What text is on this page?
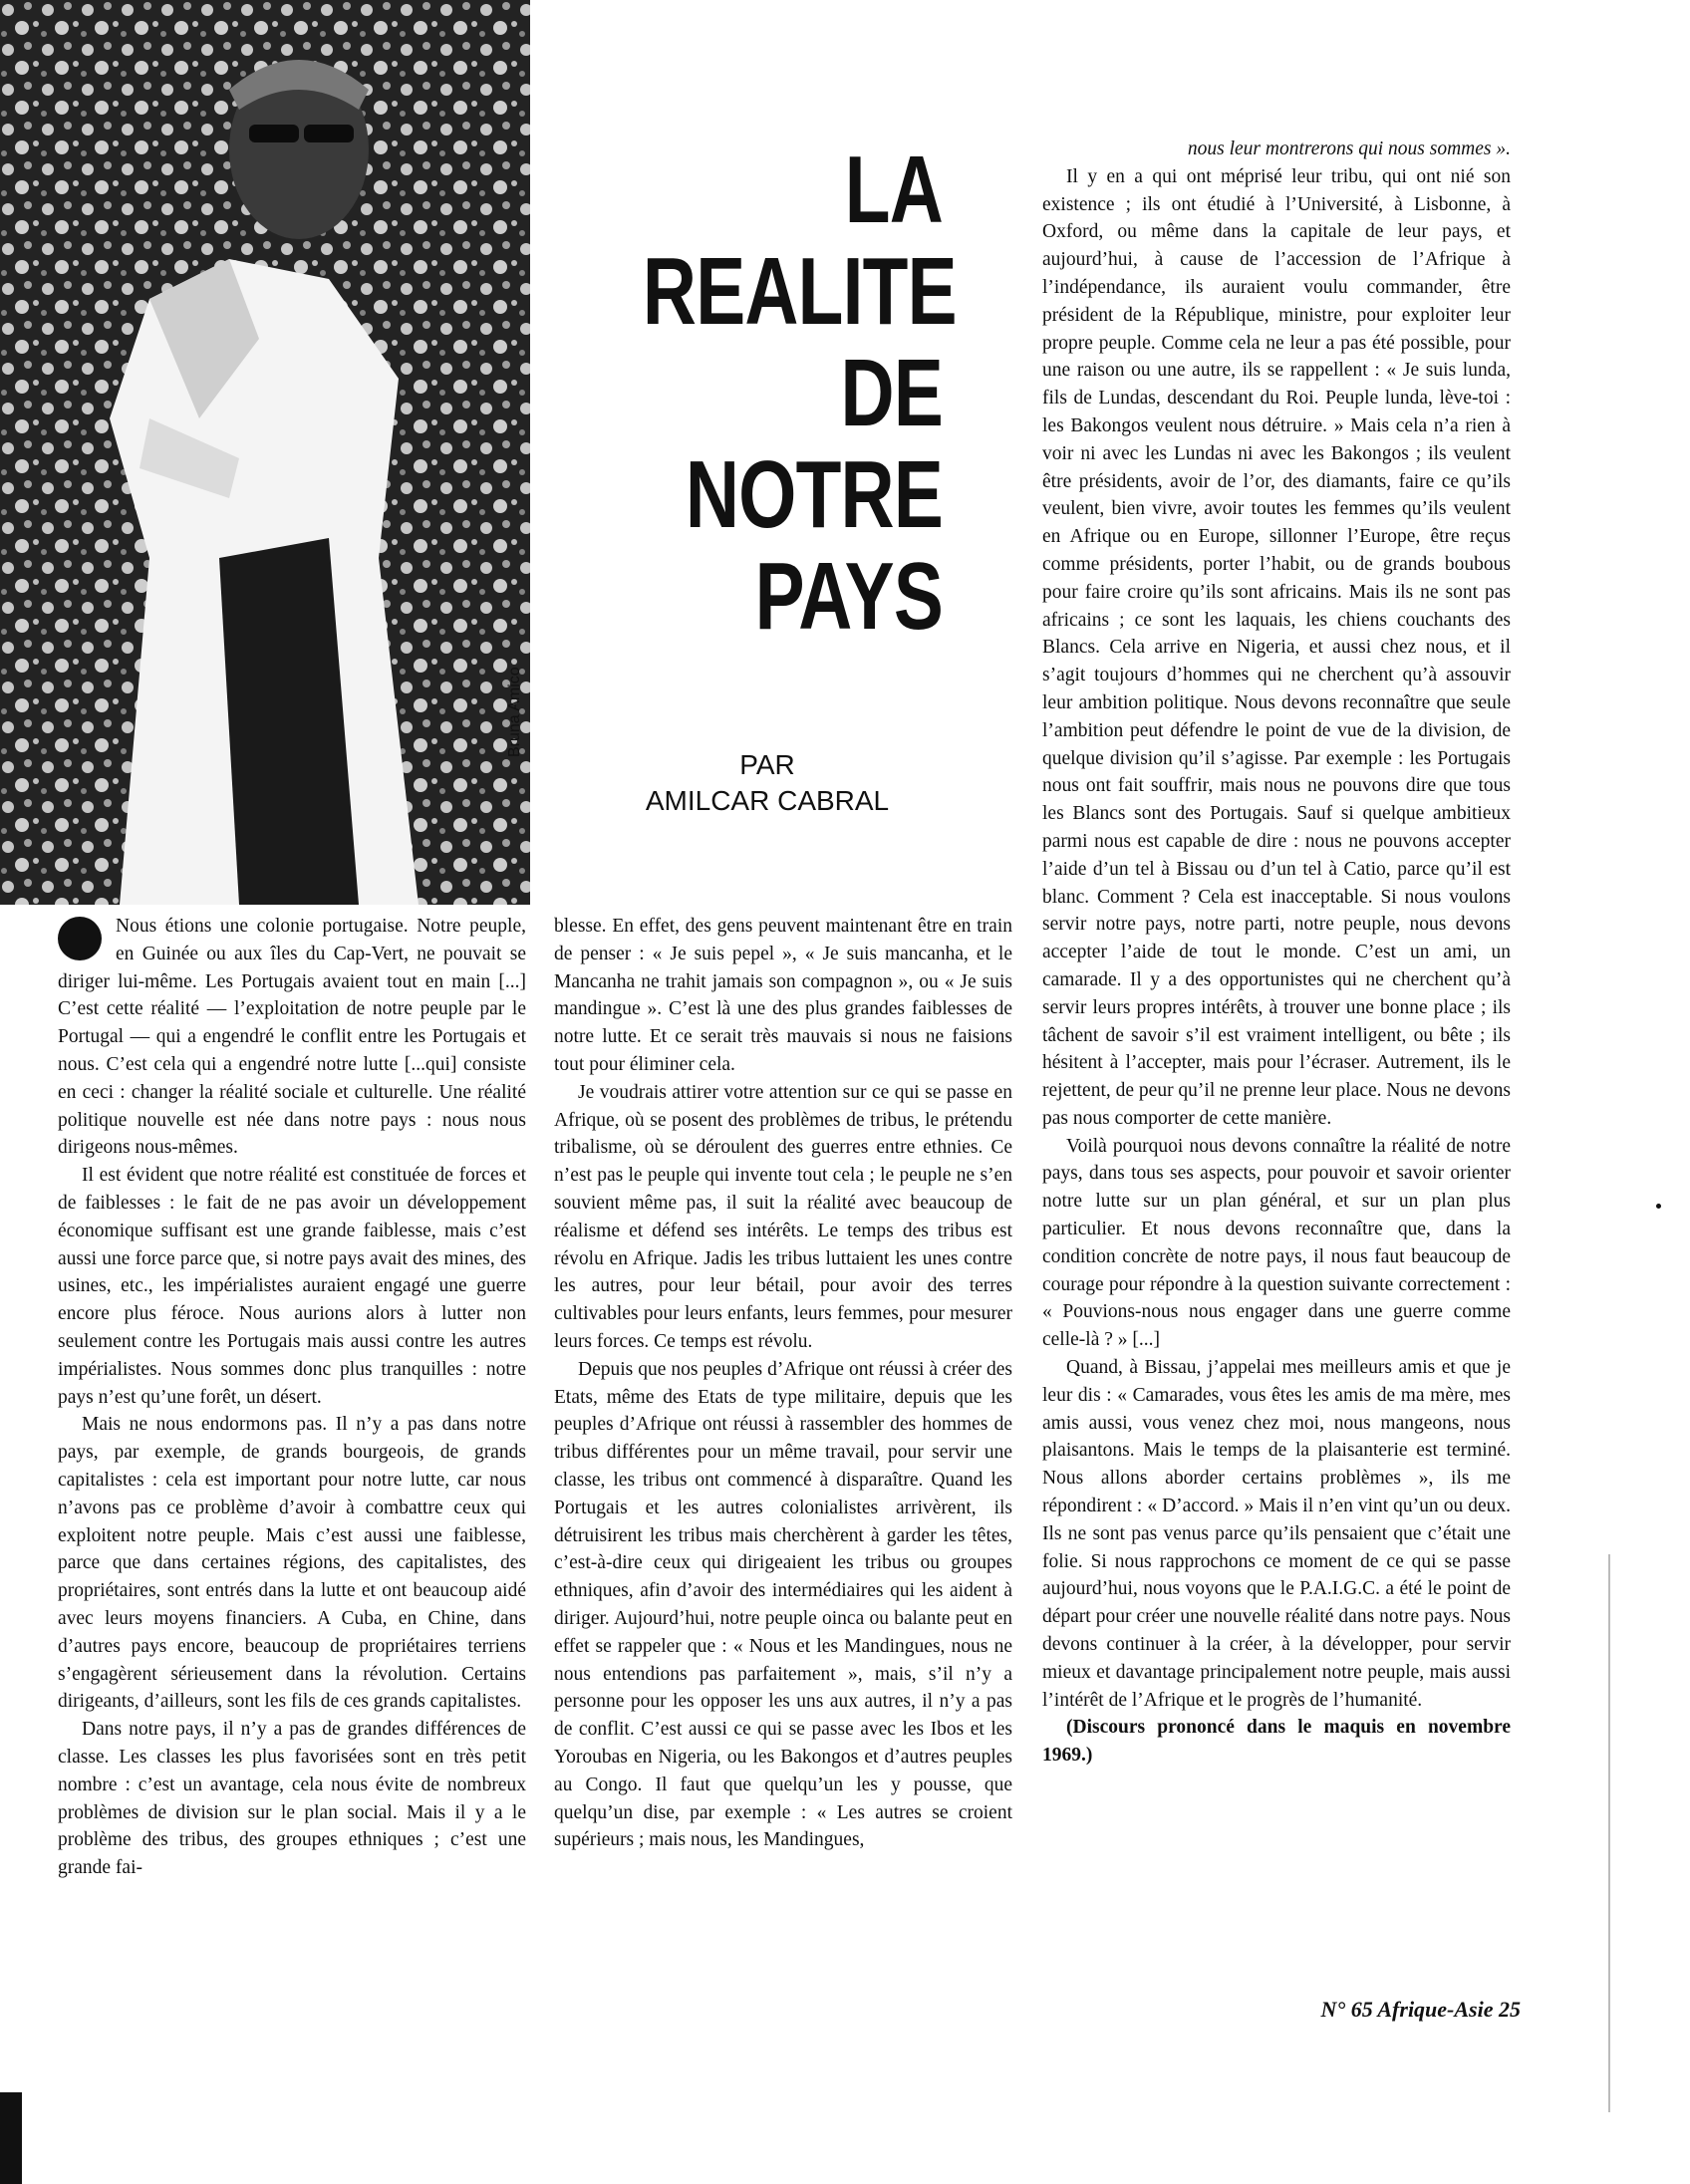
Bruna Amico
LA
REALITE
DE
NOTRE
PAYS
PAR
AMILCAR CABRAL

Nous étions une colonie portugaise. Notre peuple, en Guinée ou aux îles du Cap-Vert, ne pouvait se diriger lui-même. Les Portugais avaient tout en main [...] C’est cette réalité — l’exploitation de notre peuple par le Portugal — qui a engendré le conflit entre les Portugais et nous. C’est cela qui a engendré notre lutte [...qui] consiste en ceci : changer la réalité sociale et culturelle. Une réalité politique nouvelle est née dans notre pays : nous nous dirigeons nous-mêmes.

Il est évident que notre réalité est constituée de forces et de faiblesses : le fait de ne pas avoir un développement économique suffisant est une grande faiblesse, mais c’est aussi une force parce que, si notre pays avait des mines, des usines, etc., les impérialistes auraient engagé une guerre encore plus féroce. Nous aurions alors à lutter non seulement contre les Portugais mais aussi contre les autres impérialistes. Nous sommes donc plus tranquilles : notre pays n’est qu’une forêt, un désert.

Mais ne nous endormons pas. Il n’y a pas dans notre pays, par exemple, de grands bourgeois, de grands capitalistes : cela est important pour notre lutte, car nous n’avons pas ce problème d’avoir à combattre ceux qui exploitent notre peuple. Mais c’est aussi une faiblesse, parce que dans certaines régions, des capitalistes, des propriétaires, sont entrés dans la lutte et ont beaucoup aidé avec leurs moyens financiers. A Cuba, en Chine, dans d’autres pays encore, beaucoup de propriétaires terriens s’engagèrent sérieusement dans la révolution. Certains dirigeants, d’ailleurs, sont les fils de ces grands capitalistes.

Dans notre pays, il n’y a pas de grandes différences de classe. Les classes les plus favorisées sont en très petit nombre : c’est un avantage, cela nous évite de nombreux problèmes de division sur le plan social. Mais il y a le problème des tribus, des groupes ethniques ; c’est une grande fai-

blesse. En effet, des gens peuvent maintenant être en train de penser : « Je suis pepel », « Je suis mancanha, et le Mancanha ne trahit jamais son compagnon », ou « Je suis mandingue ». C’est là une des plus grandes faiblesses de notre lutte. Et ce serait très mauvais si nous ne faisions tout pour éliminer cela.

Je voudrais attirer votre attention sur ce qui se passe en Afrique, où se posent des problèmes de tribus, le prétendu tribalisme, où se déroulent des guerres entre ethnies. Ce n’est pas le peuple qui invente tout cela ; le peuple ne s’en souvient même pas, il suit la réalité avec beaucoup de réalisme et défend ses intérêts. Le temps des tribus est révolu en Afrique. Jadis les tribus luttaient les unes contre les autres, pour leur bétail, pour avoir des terres cultivables pour leurs enfants, leurs femmes, pour mesurer leurs forces. Ce temps est révolu.

Depuis que nos peuples d’Afrique ont réussi à créer des Etats, même des Etats de type militaire, depuis que les peuples d’Afrique ont réussi à rassembler des hommes de tribus différentes pour un même travail, pour servir une classe, les tribus ont commencé à disparaître. Quand les Portugais et les autres colonialistes arrivèrent, ils détruisirent les tribus mais cherchèrent à garder les têtes, c’est-à-dire ceux qui dirigeaient les tribus ou groupes ethniques, afin d’avoir des intermédiaires qui les aident à diriger. Aujourd’hui, notre peuple oinca ou balante peut en effet se rappeler que : « Nous et les Mandingues, nous ne nous entendions pas parfaitement », mais, s’il n’y a personne pour les opposer les uns aux autres, il n’y a pas de conflit. C’est aussi ce qui se passe avec les Ibos et les Yoroubas en Nigeria, ou les Bakongos et d’autres peuples au Congo. Il faut que quelqu’un les y pousse, que quelqu’un dise, par exemple : « Les autres se croient supérieurs ; mais nous, les Mandingues,

nous leur montrerons qui nous sommes ».

Il y en a qui ont méprisé leur tribu, qui ont nié son existence ; ils ont étudié à l’Université, à Lisbonne, à Oxford, ou même dans la capitale de leur pays, et aujourd’hui, à cause de l’accession de l’Afrique à l’indépendance, ils auraient voulu commander, être président de la République, ministre, pour exploiter leur propre peuple. Comme cela ne leur a pas été possible, pour une raison ou une autre, ils se rappellent : « Je suis lunda, fils de Lundas, descendant du Roi. Peuple lunda, lève-toi : les Bakongos veulent nous détruire. » Mais cela n’a rien à voir ni avec les Lundas ni avec les Bakongos ; ils veulent être présidents, avoir de l’or, des diamants, faire ce qu’ils veulent, bien vivre, avoir toutes les femmes qu’ils veulent en Afrique ou en Europe, sillonner l’Europe, être reçus comme présidents, porter l’habit, ou de grands boubous pour faire croire qu’ils sont africains. Mais ils ne sont pas africains ; ce sont les laquais, les chiens couchants des Blancs. Cela arrive en Nigeria, et aussi chez nous, et il s’agit toujours d’hommes qui ne cherchent qu’à assouvir leur ambition politique. Nous devons reconnaître que seule l’ambition peut défendre le point de vue de la division, de quelque division qu’il s’agisse. Par exemple : les Portugais nous ont fait souffrir, mais nous ne pouvons dire que tous les Blancs sont des Portugais. Sauf si quelque ambitieux parmi nous est capable de dire : nous ne pouvons accepter l’aide d’un tel à Bissau ou d’un tel à Catio, parce qu’il est blanc. Comment ? Cela est inacceptable. Si nous voulons servir notre pays, notre parti, notre peuple, nous devons accepter l’aide de tout le monde. C’est un ami, un camarade. Il y a des opportunistes qui ne cherchent qu’à servir leurs propres intérêts, à trouver une bonne place ; ils tâchent de savoir s’il est vraiment intelligent, ou bête ; ils hésitent à l’accepter, mais pour l’écraser. Autrement, ils le rejettent, de peur qu’il ne prenne leur place. Nous ne devons pas nous comporter de cette manière.

Voilà pourquoi nous devons connaître la réalité de notre pays, dans tous ses aspects, pour pouvoir et savoir orienter notre lutte sur un plan général, et sur un plan plus particulier. Et nous devons reconnaître que, dans la condition concrète de notre pays, il nous faut beaucoup de courage pour répondre à la question suivante correctement : « Pouvions-nous nous engager dans une guerre comme celle-là ? » [...]

Quand, à Bissau, j’appelai mes meilleurs amis et que je leur dis : « Camarades, vous êtes les amis de ma mère, mes amis aussi, vous venez chez moi, nous mangeons, nous plaisantons. Mais le temps de la plaisanterie est terminé. Nous allons aborder certains problèmes », ils me répondirent : « D’accord. » Mais il n’en vint qu’un ou deux. Ils ne sont pas venus parce qu’ils pensaient que c’était une folie. Si nous rapprochons ce moment de ce qui se passe aujourd’hui, nous voyons que le P.A.I.G.C. a été le point de départ pour créer une nouvelle réalité dans notre pays. Nous devons continuer à la créer, à la développer, pour servir mieux et davantage principalement notre peuple, mais aussi l’intérêt de l’Afrique et le progrès de l’humanité.

(Discours prononcé dans le maquis en novembre 1969.)

N° 65 Afrique-Asie 25
